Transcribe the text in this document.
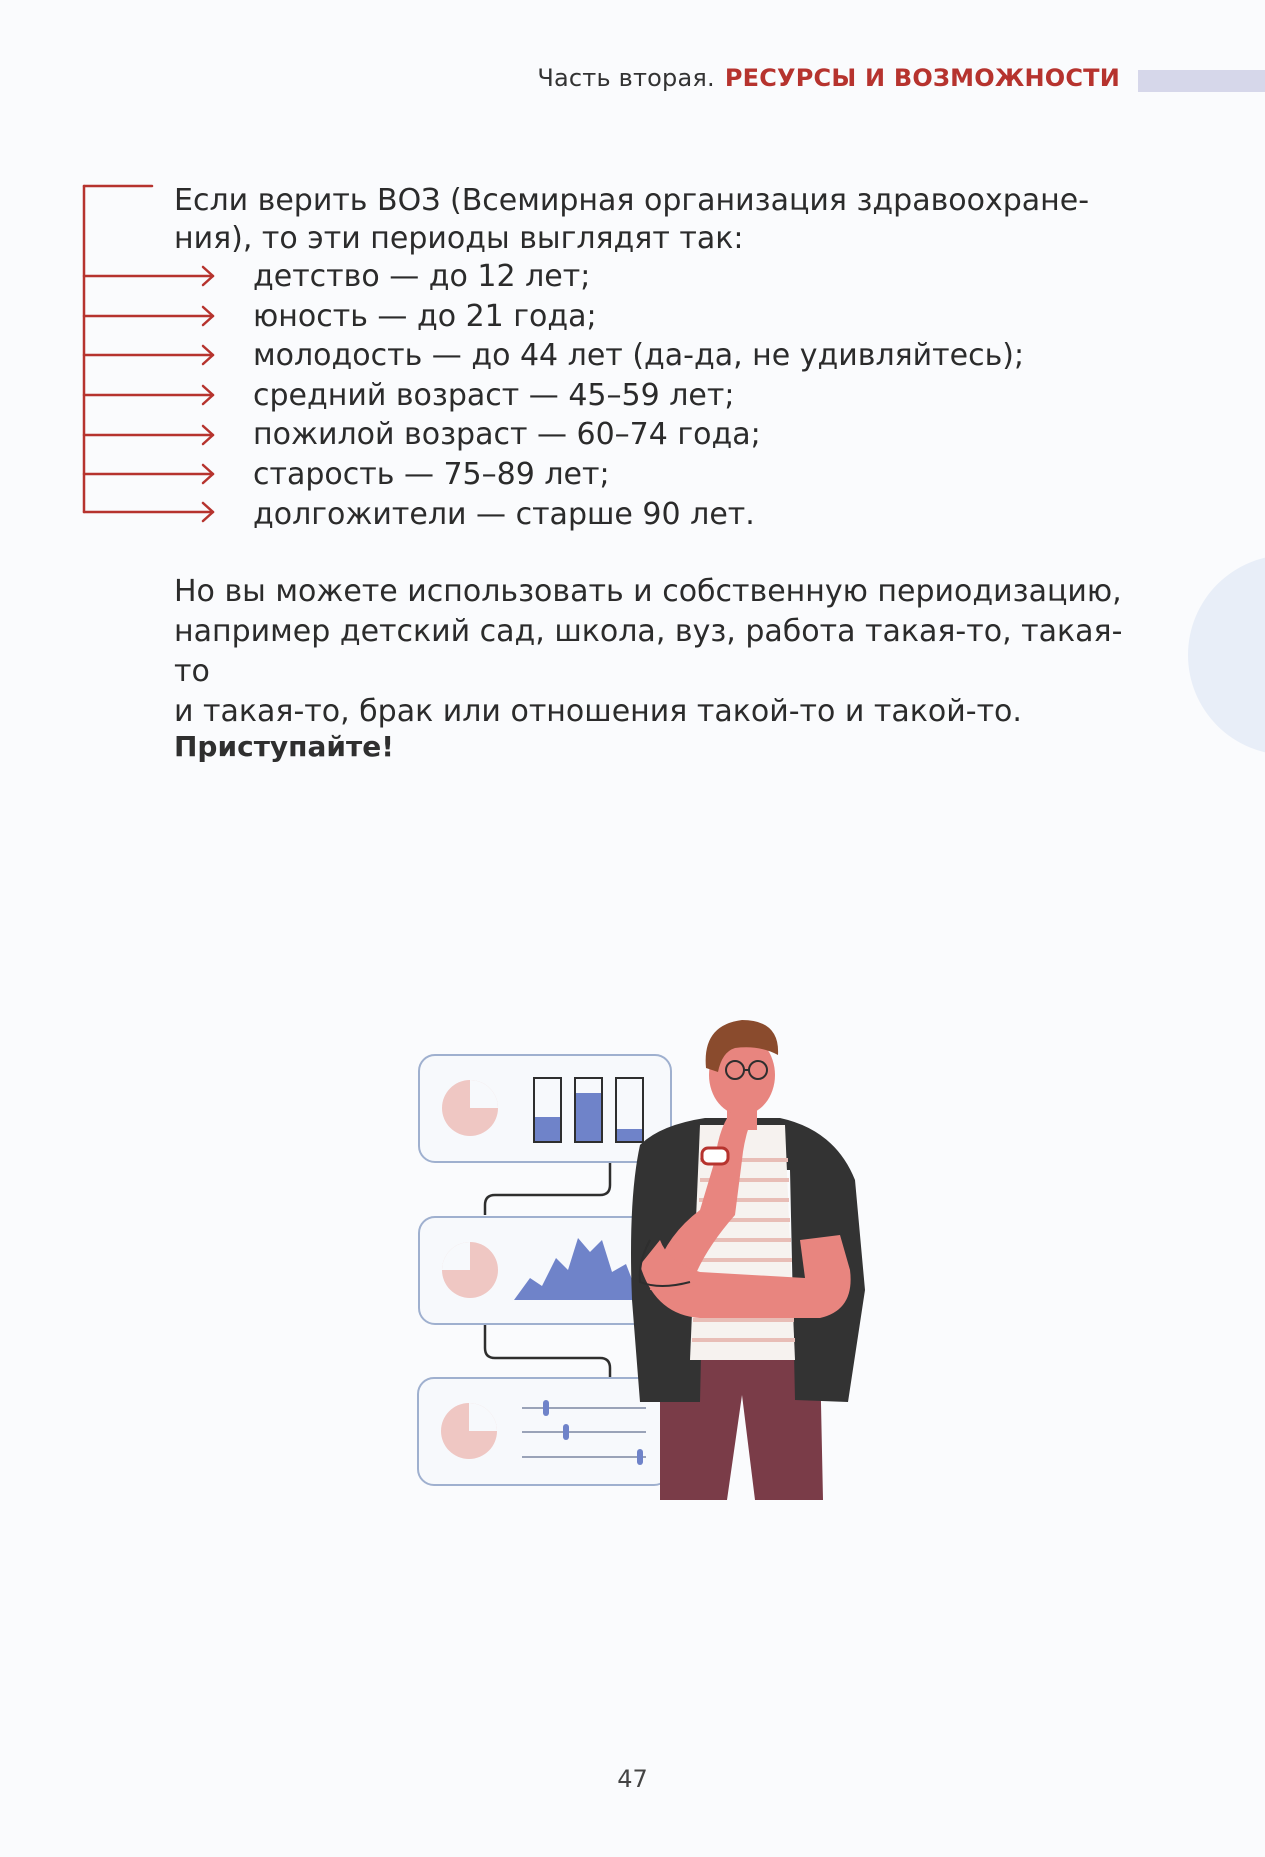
Часть вторая. РЕСУРСЫ И ВОЗМОЖНОСТИ
Если верить ВОЗ (Всемирная организация здравоохране-
ния), то эти периоды выглядят так:
детство — до 12 лет;
юность — до 21 года;
молодость — до 44 лет (да-да, не удивляйтесь);
средний возраст — 45–59 лет;
пожилой возраст — 60–74 года;
старость — 75–89 лет;
долгожители — старше 90 лет.
Но вы можете использовать и собственную периодизацию,
например детский сад, школа, вуз, работа такая-то, такая-то
и такая-то, брак или отношения такой-то и такой-то.
Приступайте!
47
